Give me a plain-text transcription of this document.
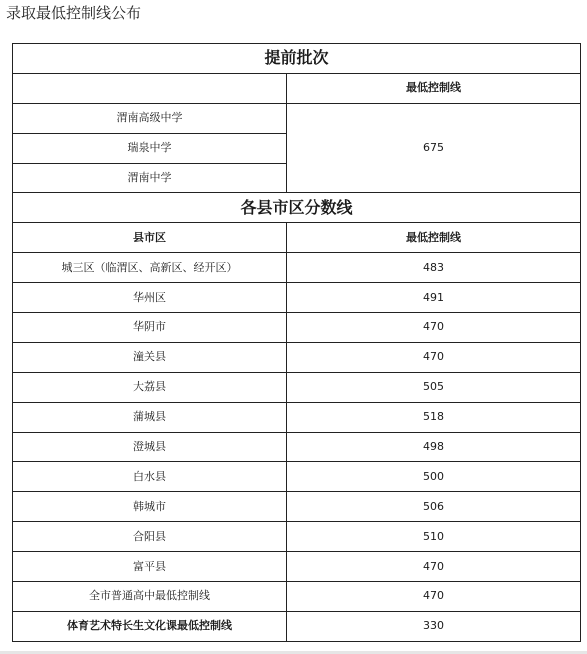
录取最低控制线公布
提前批次	
	最低控制线
渭南高级中学	675
瑞泉中学	
渭南中学	
各县市区分数线	
县市区	最低控制线
城三区（临渭区、高新区、经开区）	483
华州区	491
华阴市	470
潼关县	470
大荔县	505
蒲城县	518
澄城县	498
白水县	500
韩城市	506
合阳县	510
富平县	470
全市普通高中最低控制线	470
体育艺术特长生文化课最低控制线	330
